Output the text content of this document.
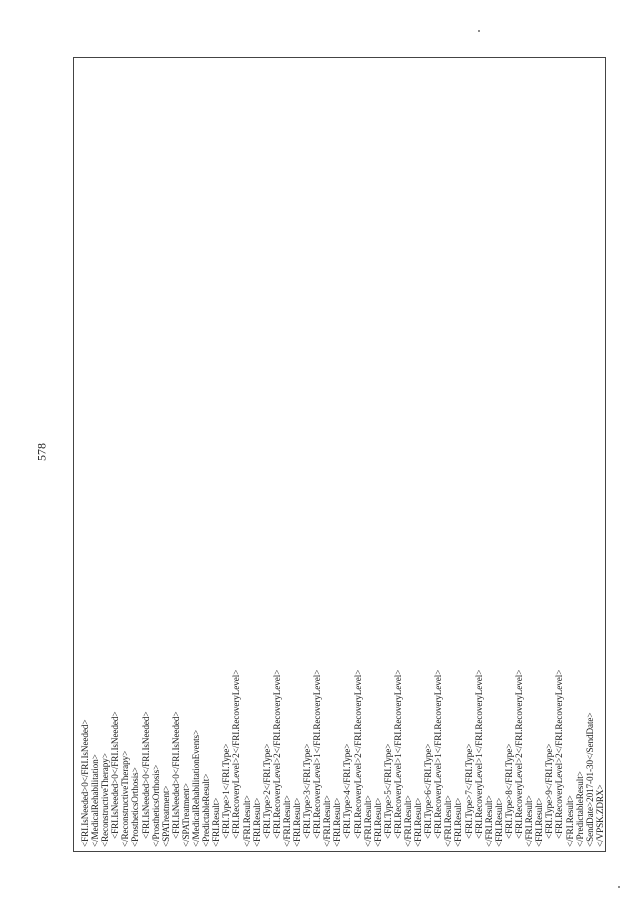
578
<FRI.IsNeeded>0</FRI.IsNeeded> </MedicalRehabilitation> <ReconstructiveTherapy> <FRI.IsNeeded>0</FRI.IsNeeded> </ReconstructiveTherapy> <ProstheticsOrthosis> <FRI.IsNeeded>0</FRI.IsNeeded> </ProstheticsOrthosis> <SPATreatment> <FRI.IsNeeded>0</FRI.IsNeeded> </SPATreatment> </MedicalRehabilitationEvents> <PredictableResult> <FRI.Result> <FRI.Type>1</FRI.Type> <FRI.RecoveryLevel>2</FRI.RecoveryLevel> </FRI.Result> <FRI.Result> <FRI.Type>2</FRI.Type> <FRI.RecoveryLevel>2</FRI.RecoveryLevel> </FRI.Result> <FRI.Result> <FRI.Type>3</FRI.Type> <FRI.RecoveryLevel>1</FRI.RecoveryLevel> </FRI.Result> <FRI.Result> <FRI.Type>4</FRI.Type> <FRI.RecoveryLevel>2</FRI.RecoveryLevel> </FRI.Result> <FRI.Result> <FRI.Type>5</FRI.Type> <FRI.RecoveryLevel>1</FRI.RecoveryLevel> </FRI.Result> <FRI.Result> <FRI.Type>6</FRI.Type> <FRI.RecoveryLevel>1</FRI.RecoveryLevel> </FRI.Result> <FRI.Result> <FRI.Type>7</FRI.Type> <FRI.RecoveryLevel>1</FRI.RecoveryLevel> </FRI.Result> <FRI.Result> <FRI.Type>8</FRI.Type> <FRI.RecoveryLevel>2</FRI.RecoveryLevel> </FRI.Result> <FRI.Result> <FRI.Type>9</FRI.Type> <FRI.RecoveryLevel>2</FRI.RecoveryLevel> </FRI.Result> </PredictableResult> <SendDate>2017-01-30</SendDate> </VPSK.ZDRX>
